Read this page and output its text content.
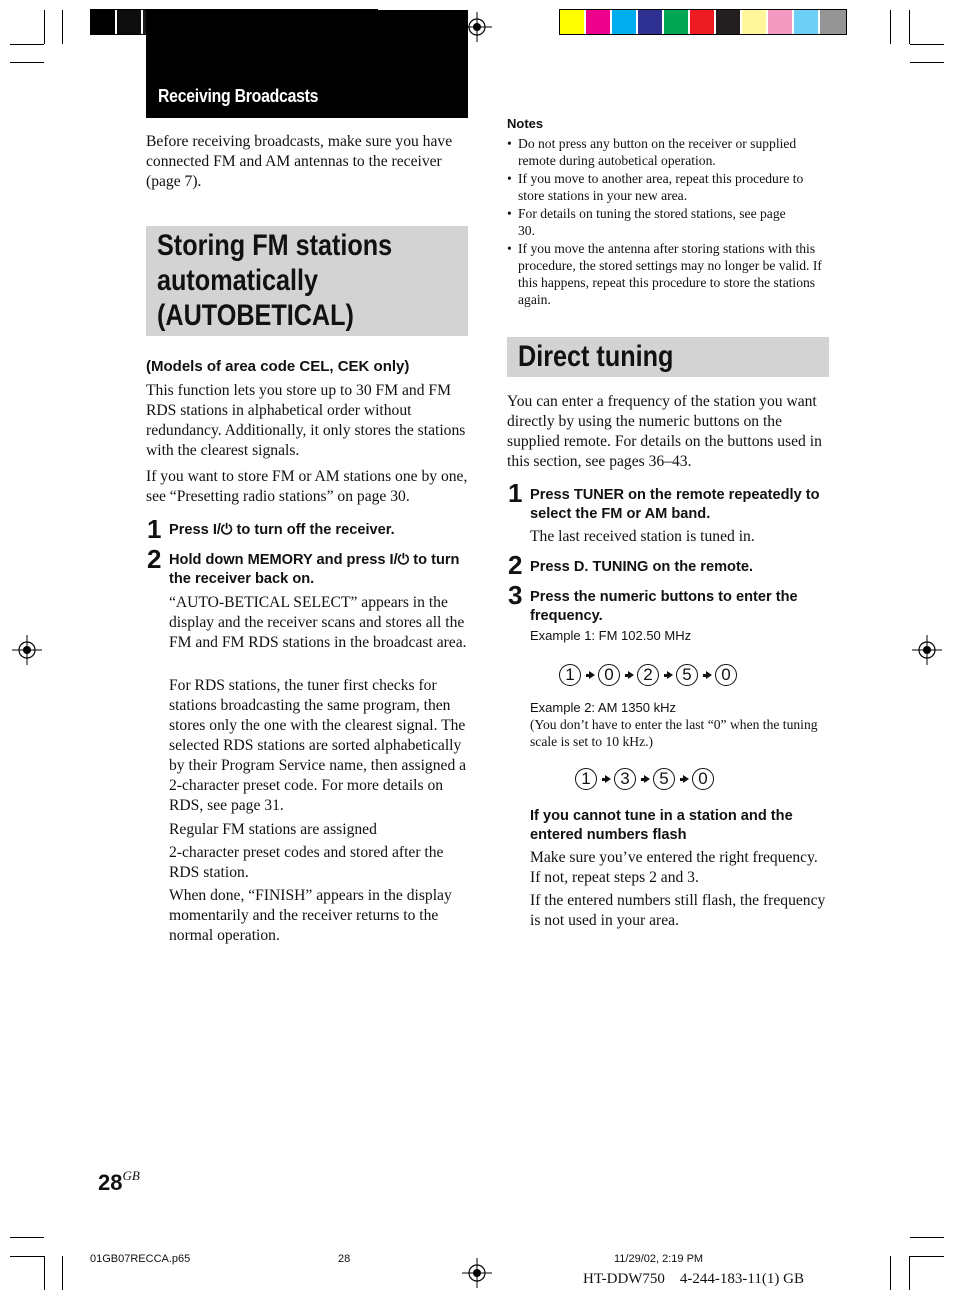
Receiving Broadcasts

Before receiving broadcasts, make sure you have connected FM and AM antennas to the receiver (page 7).

Storing FM stations
automatically
(AUTOBETICAL)
(Models of area code CEL, CEK only)

This function lets you store up to 30 FM and FM RDS stations in alphabetical order without redundancy. Additionally, it only stores the stations with the clearest signals.

If you want to store FM or AM stations one by one, see “Presetting radio stations” on page 30.

1 Press I/⏻ to turn off the receiver.
2 Hold down MEMORY and press I/⏻ to turn the receiver back on.

“AUTO-BETICAL SELECT” appears in the display and the receiver scans and stores all the FM and FM RDS stations in the broadcast area.

For RDS stations, the tuner first checks for stations broadcasting the same program, then stores only the one with the clearest signal. The selected RDS stations are sorted alphabetically by their Program Service name, then assigned a 2-character preset code. For more details on RDS, see page 31.

Regular FM stations are assigned

2-character preset codes and stored after the RDS station.

When done, “FINISH” appears in the display momentarily and the receiver returns to the normal operation.

Notes
• Do not press any button on the receiver or supplied remote during autobetical operation.
• If you move to another area, repeat this procedure to store stations in your new area.
• For details on tuning the stored stations, see page 30.
• If you move the antenna after storing stations with this procedure, the stored settings may no longer be valid. If this happens, repeat this procedure to store the stations again.
Direct tuning

You can enter a frequency of the station you want directly by using the numeric buttons on the supplied remote. For details on the buttons used in this section, see pages 36–43.

1 Press TUNER on the remote repeatedly to select the FM or AM band.

The last received station is tuned in.

2 Press D. TUNING on the remote.
3 Press the numeric buttons to enter the frequency.
Example 1: FM 102.50 MHz
1	0	2	5	0
Example 2: AM 1350 kHz
(You don’t have to enter the last “0” when the tuning scale is set to 10 kHz.)
1	3	5	0
If you cannot tune in a station and the entered numbers flash

Make sure you’ve entered the right frequency. If not, repeat steps 2 and 3.

If the entered numbers still flash, the frequency is not used in your area.

$28^{GB}$
01GB07RECCA.p65	28	11/29/02, 2:19 PM
HT-DDW750    4-244-183-11(1) GB
